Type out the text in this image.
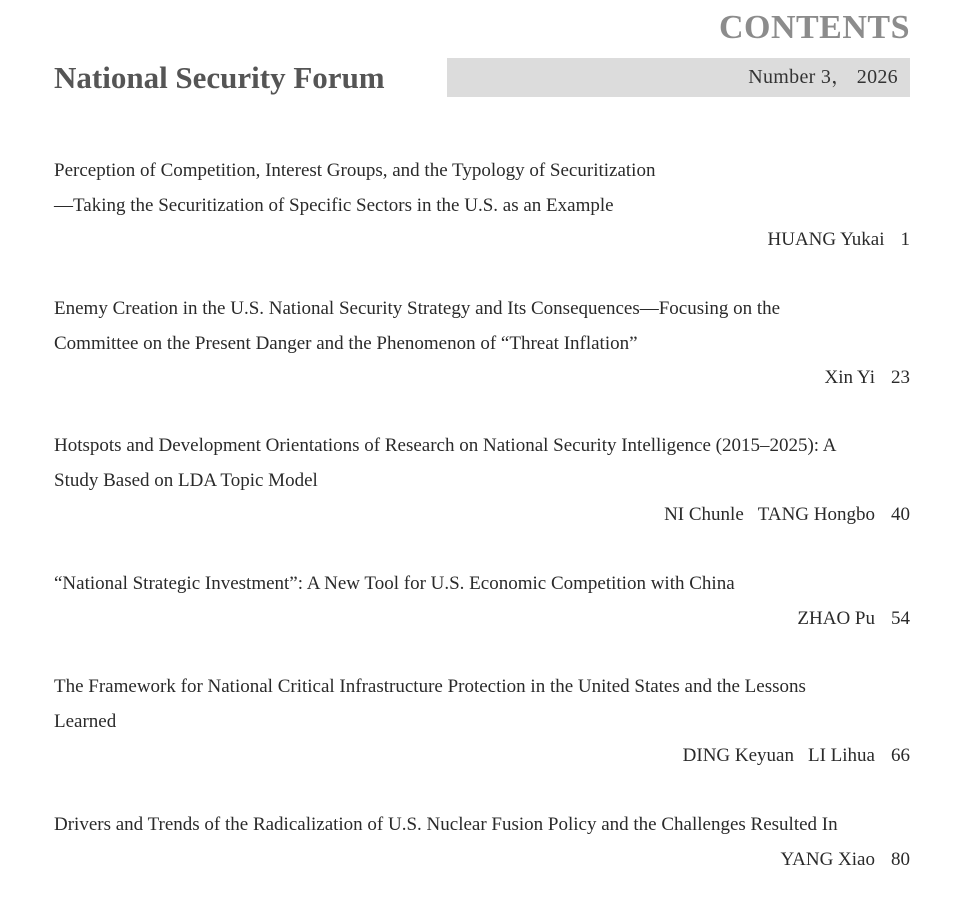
CONTENTS
National Security Forum	Number 3， 2026
Perception of Competition, Interest Groups, and the Typology of Securitization
—Taking the Securitization of Specific Sectors in the U.S. as an Example
HUANG Yukai 1
Enemy Creation in the U.S. National Security Strategy and Its Consequences—Focusing on the
Committee on the Present Danger and the Phenomenon of “Threat Inflation”
Xin Yi 23
Hotspots and Development Orientations of Research on National Security Intelligence (2015–2025): A
Study Based on LDA Topic Model
NI Chunle TANG Hongbo 40
“National Strategic Investment”: A New Tool for U.S. Economic Competition with China
ZHAO Pu 54
The Framework for National Critical Infrastructure Protection in the United States and the Lessons
Learned
DING Keyuan LI Lihua 66
Drivers and Trends of the Radicalization of U.S. Nuclear Fusion Policy and the Challenges Resulted In
YANG Xiao 80
